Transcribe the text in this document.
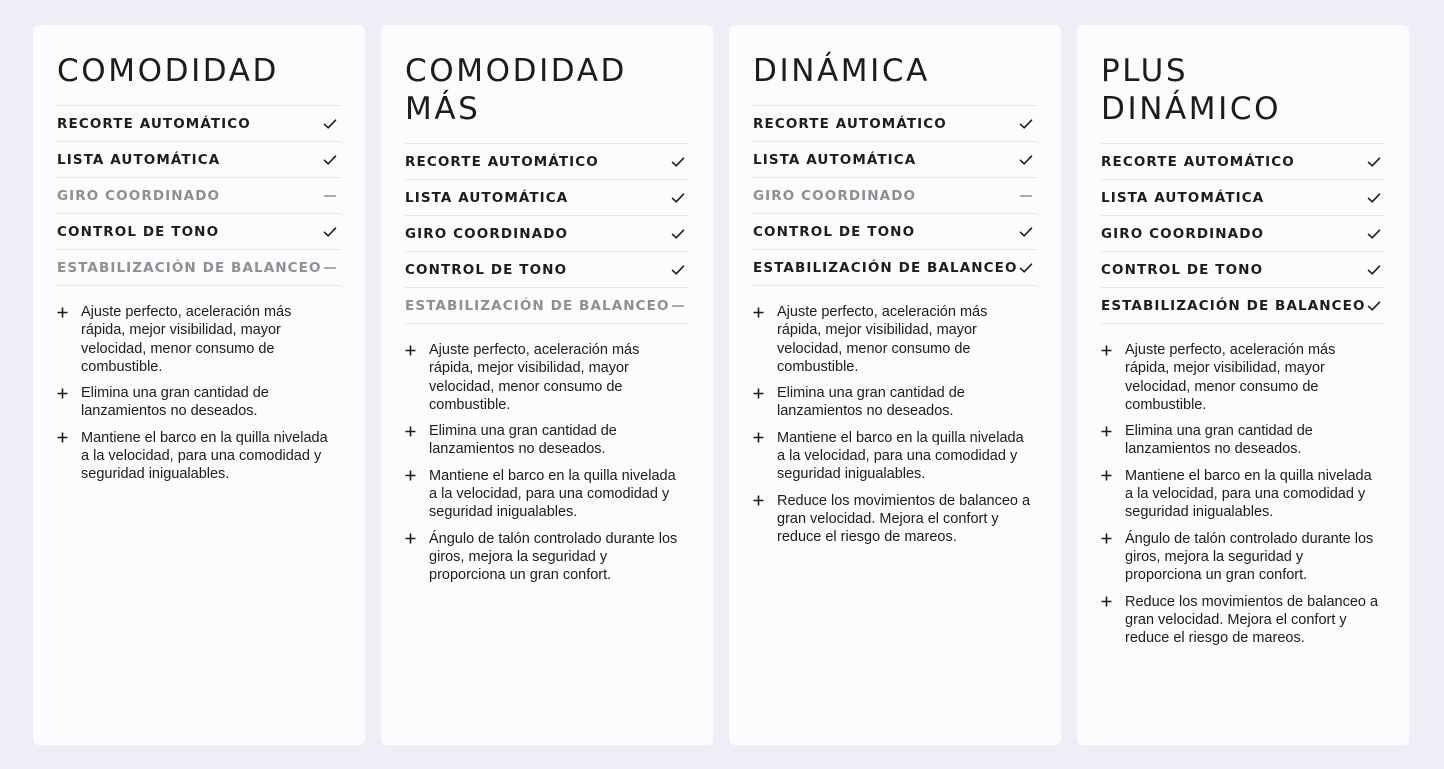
COMODIDAD
RECORTE AUTOMÁTICO
LISTA AUTOMÁTICA
GIRO COORDINADO
CONTROL DE TONO
ESTABILIZACIÓN DE BALANCEO
Ajuste perfecto, aceleración más rápida, mejor visibilidad, mayor velocidad, menor consumo de combustible.
Elimina una gran cantidad de lanzamientos no deseados.
Mantiene el barco en la quilla nivelada a la velocidad, para una comodidad y seguridad inigualables.
COMODIDAD MÁS
RECORTE AUTOMÁTICO
LISTA AUTOMÁTICA
GIRO COORDINADO
CONTROL DE TONO
ESTABILIZACIÓN DE BALANCEO
Ajuste perfecto, aceleración más rápida, mejor visibilidad, mayor velocidad, menor consumo de combustible.
Elimina una gran cantidad de lanzamientos no deseados.
Mantiene el barco en la quilla nivelada a la velocidad, para una comodidad y seguridad inigualables.
Ángulo de talón controlado durante los giros, mejora la seguridad y proporciona un gran confort.
DINÁMICA
RECORTE AUTOMÁTICO
LISTA AUTOMÁTICA
GIRO COORDINADO
CONTROL DE TONO
ESTABILIZACIÓN DE BALANCEO
Ajuste perfecto, aceleración más rápida, mejor visibilidad, mayor velocidad, menor consumo de combustible.
Elimina una gran cantidad de lanzamientos no deseados.
Mantiene el barco en la quilla nivelada a la velocidad, para una comodidad y seguridad inigualables.
Reduce los movimientos de balanceo a gran velocidad. Mejora el confort y reduce el riesgo de mareos.
PLUS DINÁMICO
RECORTE AUTOMÁTICO
LISTA AUTOMÁTICA
GIRO COORDINADO
CONTROL DE TONO
ESTABILIZACIÓN DE BALANCEO
Ajuste perfecto, aceleración más rápida, mejor visibilidad, mayor velocidad, menor consumo de combustible.
Elimina una gran cantidad de lanzamientos no deseados.
Mantiene el barco en la quilla nivelada a la velocidad, para una comodidad y seguridad inigualables.
Ángulo de talón controlado durante los giros, mejora la seguridad y proporciona un gran confort.
Reduce los movimientos de balanceo a gran velocidad. Mejora el confort y reduce el riesgo de mareos.
